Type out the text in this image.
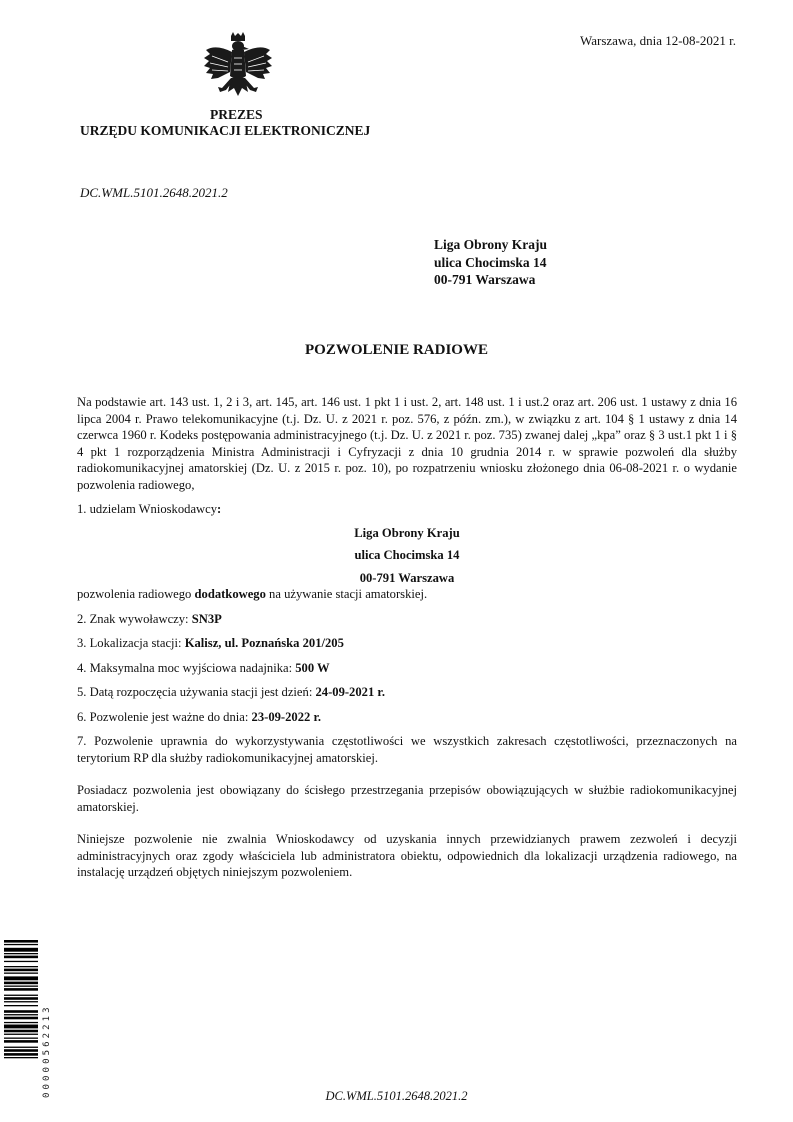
Warszawa, dnia 12-08-2021 r.
PREZES
URZĘDU KOMUNIKACJI ELEKTRONICZNEJ
DC.WML.5101.2648.2021.2
Liga Obrony Kraju
ulica Chocimska 14
00-791 Warszawa
POZWOLENIE RADIOWE

Na podstawie art. 143 ust. 1, 2 i 3, art. 145, art. 146 ust. 1 pkt 1 i ust. 2, art. 148 ust. 1 i ust.2 oraz art. 206 ust. 1 ustawy z dnia 16 lipca 2004 r. Prawo telekomunikacyjne (t.j. Dz. U. z 2021 r. poz. 576, z późn. zm.), w związku z art. 104 § 1 ustawy z dnia 14 czerwca 1960 r. Kodeks postępowania administracyjnego (t.j. Dz. U. z 2021 r. poz. 735) zwanej dalej „kpa” oraz § 3 ust.1 pkt 1 i § 4 pkt 1 rozporządzenia Ministra Administracji i Cyfryzacji z dnia 10 grudnia 2014 r. w sprawie pozwoleń dla służby radiokomunikacyjnej amatorskiej (Dz. U. z 2015 r. poz. 10), po rozpatrzeniu wniosku złożonego dnia 06-08-2021 r. o wydanie pozwolenia radiowego,

1. udzielam Wnioskodawcy:

Liga Obrony Kraju

ulica Chocimska 14

00-791 Warszawa

pozwolenia radiowego dodatkowego na używanie stacji amatorskiej.

2. Znak wywoławczy: SN3P

3. Lokalizacja stacji: Kalisz, ul. Poznańska 201/205

4. Maksymalna moc wyjściowa nadajnika: 500 W

5. Datą rozpoczęcia używania stacji jest dzień: 24-09-2021 r.

6. Pozwolenie jest ważne do dnia: 23-09-2022 r.

7. Pozwolenie uprawnia do wykorzystywania częstotliwości we wszystkich zakresach częstotliwości, przeznaczonych na terytorium RP dla służby radiokomunikacyjnej amatorskiej.

Posiadacz pozwolenia jest obowiązany do ścisłego przestrzegania przepisów obowiązujących w służbie radiokomunikacyjnej amatorskiej.

Niniejsze pozwolenie nie zwalnia Wnioskodawcy od uzyskania innych przewidzianych prawem zezwoleń i decyzji administracyjnych oraz zgody właściciela lub administratora obiektu, odpowiednich dla lokalizacji urządzenia radiowego, na instalację urządzeń objętych niniejszym pozwoleniem.

00000562213	DC.WML.5101.2648.2021.2
